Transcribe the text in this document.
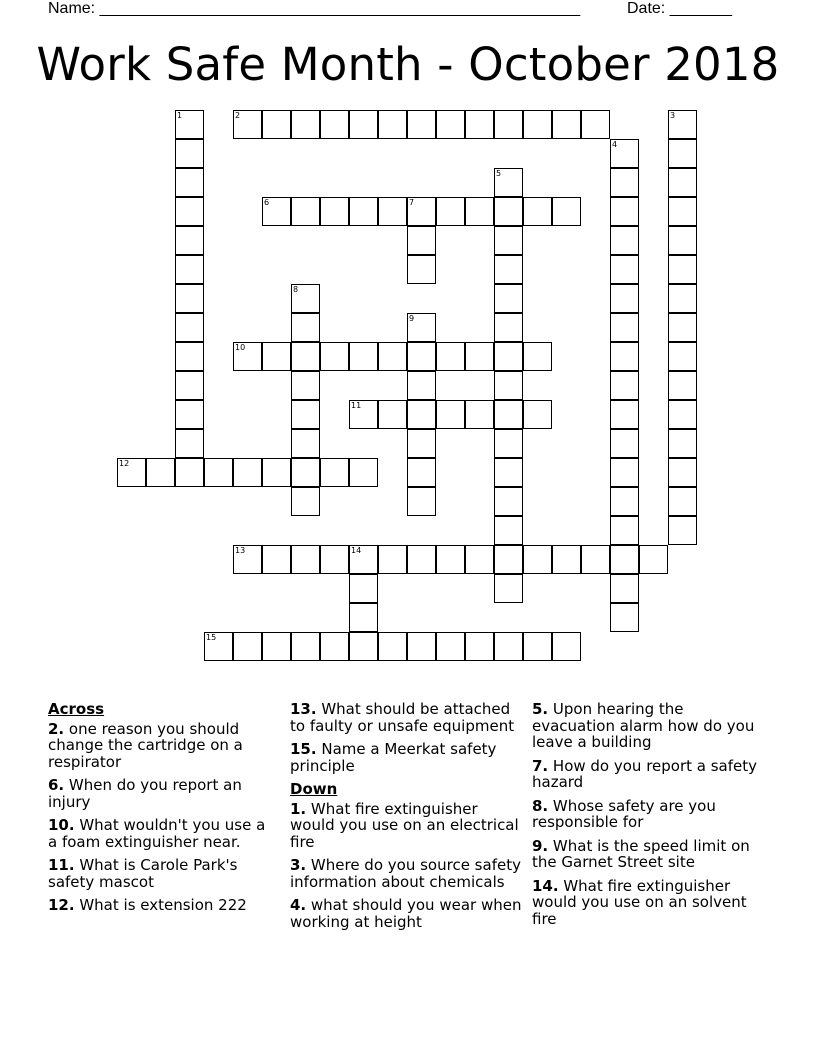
Name: ______________________________________________________	Date: _______
Work Safe Month - October 2018
1	2	3
4
5
6	7
8
9
10
11
12
13	14
15
Across
2. one reason you should change the cartridge on a respirator
6. When do you report an injury
10. What wouldn't you use a a foam extinguisher near.
11. What is Carole Park's safety mascot
12. What is extension 222
13. What should be attached to faulty or unsafe equipment
15. Name a Meerkat safety principle
Down
1. What fire extinguisher would you use on an electrical fire
3. Where do you source safety information about chemicals
4. what should you wear when working at height
5. Upon hearing the evacuation alarm how do you leave a building
7. How do you report a safety hazard
8. Whose safety are you responsible for
9. What is the speed limit on the Garnet Street site
14. What fire extinguisher would you use on an solvent fire
